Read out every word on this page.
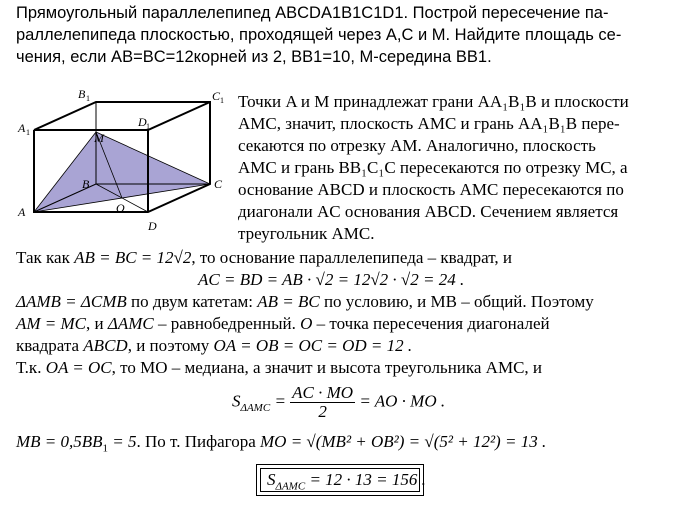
Прямоугольный параллелепипед ABCDA1B1C1D1. Построй пересечение па-
раллелепипеда плоскостью, проходящей через А,С и М. Найдите площадь се-
чения, если AB=BC=12корней из 2, BB1=10, М-середина BB1.
A
A 1
B 1	C 1
D 1
M
B	C
O
D
Точки A и M принадлежат грани AA₁B₁B и плоскости
AMC, значит, плоскость AMC и грань AA₁B₁B пере-
секаются по отрезку AM. Аналогично, плоскость
AMC и грань BB₁C₁C пересекаются по отрезку MC, а
основание ABCD и плоскость AMC пересекаются по
диагонали AC основания ABCD. Сечением является
треугольник AMC.
Так как AB = BC = 12√2, то основание параллелепипеда – квадрат, и
AC = BD = AB · √2 = 12√2 · √2 = 24 .
ΔAMB = ΔCMB по двум катетам: AB = BC по условию, и MB – общий. Поэтому
AM = MC, и ΔAMC – равнобедренный. O – точка пересечения диагоналей
квадрата ABCD, и поэтому OA = OB = OC = OD = 12 .
Т.к. OA = OC, то МО – медиана, а значит и высота треугольника АМС, и
$S_{\Delta AMC} = \frac{AC \cdot MO}{2}$ = AO · MO .
MB = $0,5BB_1 = 5$. По т. Пифагора MO = √(MB² + OB²) = √(5² + 12²) = 13 .
$S_{\Delta AMC} = 12 \cdot 13 = 156$ .
